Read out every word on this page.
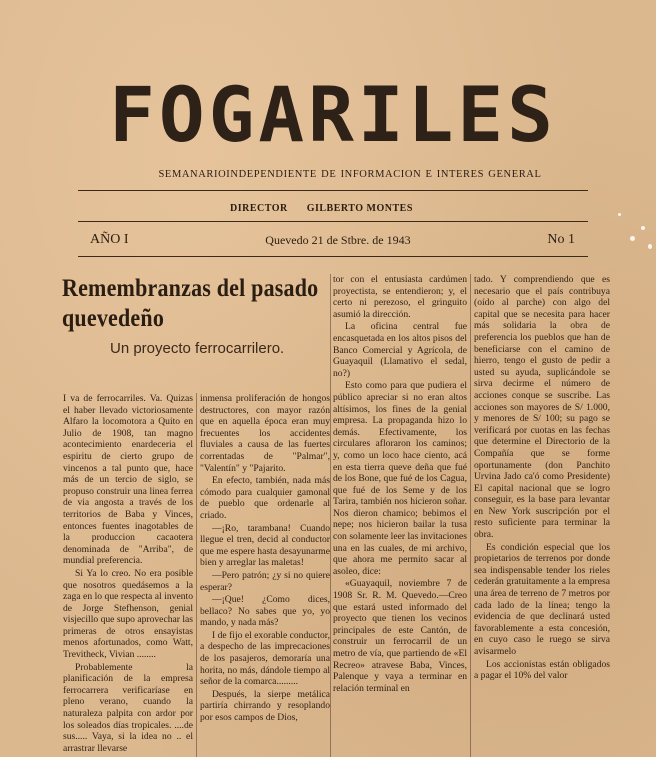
FOGARILES
SEMANARIOINDEPENDIENTE DE INFORMACION E INTERES GENERAL
DIRECTOR GILBERTO MONTES
AÑO I	Quevedo 21 de Stbre. de 1943	No 1
Remembranzas del pasado quevedeño
Un proyecto ferrocarrilero.

I va de ferrocarriles. Va. Quizas el haber llevado victoriosamente Alfaro la locomotora a Quito en Julio de 1908, tan magno acontecimiento enardeceria el espiritu de cierto grupo de vincenos a tal punto que, hace más de un tercio de siglo, se propuso construir una linea ferrea de via angosta a través de los territorios de Baba y Vinces, entonces fuentes inagotables de la produccion cacaotera denominada de "Arriba", de mundial preferencia.

Si Ya lo creo. No era posible que nosotros quedásemos a la zaga en lo que respecta al invento de Jorge Stefhenson, genial visjecillo que supo aprovechar las primeras de otros ensayistas menos afortunados, como Watt, Trevitheck, Vivian ........

Probablemente la planificación de la empresa ferrocarrera verificaríase en pleno verano, cuando la naturaleza palpita con ardor por los soleados días tropicales. ....de sus..... Vaya, si la idea no .. el arrastrar llevarse

inmensa proliferación de hongos destructores, con mayor razón que en aquella época eran muy frecuentes los accidentes fluviales a causa de las fuertes correntadas de "Palmar", "Valentín" y "Pajarito.

En efecto, también, nada más cómodo para cualquier gamonal de pueblo que ordenarle al criado.

—¡Ro, tarambana! Cuando llegue el tren, decid al conductor que me espere hasta desayunarme bien y arreglar las maletas!

—Pero patrón; ¿y si no quiere esperar?

—¡Que! ¿Como dices, bellaco? No sabes que yo, yo mando, y nada más?

I de fijo el exorable conductor, a despecho de las imprecaciones de los pasajeros, demoraría una horita, no más, dándole tiempo al señor de la comarca.........

Después, la sierpe metálica partiría chirrando y resoplando por esos campos de Dios,

tor con el entusiasta cardúmen proyectista, se entendieron; y, el certo ni perezoso, el gringuito asumió la dirección.

La oficina central fue encasquetada en los altos pisos del Banco Comercial y Agrícola, de Guayaquil (Llamativo el sedal, no?)

Esto como para que pudiera el público apreciar si no eran altos altísimos, los fines de la genial empresa. La propaganda hizo lo demás. Efectivamente, los circulares afloraron los caminos; y, como un loco hace ciento, acá en esta tierra queve deña que fué de los Bone, que fué de los Cagua, que fué de los Seme y de los Tarira, también nos hicieron soñar. Nos dieron chamico; bebimos el nepe; nos hicieron bailar la tusa con solamente leer las invitaciones una en las cuales, de mi archivo, que ahora me permito sacar al asoleo, dice:

«Guayaquil, noviembre 7 de 1908 Sr. R. M. Quevedo.—Creo que estará usted informado del proyecto que tienen los vecinos principales de este Cantón, de construir un ferrocarril de un metro de vía, que partiendo de «El Recreo» atravese Baba, Vinces, Palenque y vaya a terminar en relación terminal en

tado. Y comprendiendo que es necesario que el país contribuya (oído al parche) con algo del capital que se necesita para hacer más solidaria la obra de preferencia los pueblos que han de beneficiarse con el camino de hierro, tengo el gusto de pedir a usted su ayuda, suplicándole se sirva decirme el número de acciones conque se suscribe. Las acciones son mayores de S/ 1.000, y menores de S/ 100; su pago se verificará por cuotas en las fechas que determine el Directorio de la Compañía que se forme oportunamente (don Panchito Urvina Jado ca'ó como Presidente) El capital nacional que se logro conseguir, es la base para levantar en New York suscripción por el resto suficiente para terminar la obra.

Es condición especial que los propietarios de terrenos por donde sea indispensable tender los rieles cederán gratuitamente a la empresa una área de terreno de 7 metros por cada lado de la línea; tengo la evidencia de que declinará usted favorablemente a esta concesión, en cuyo caso le ruego se sirva avisarmelo

Los accionistas están obligados a pagar el 10% del valor
